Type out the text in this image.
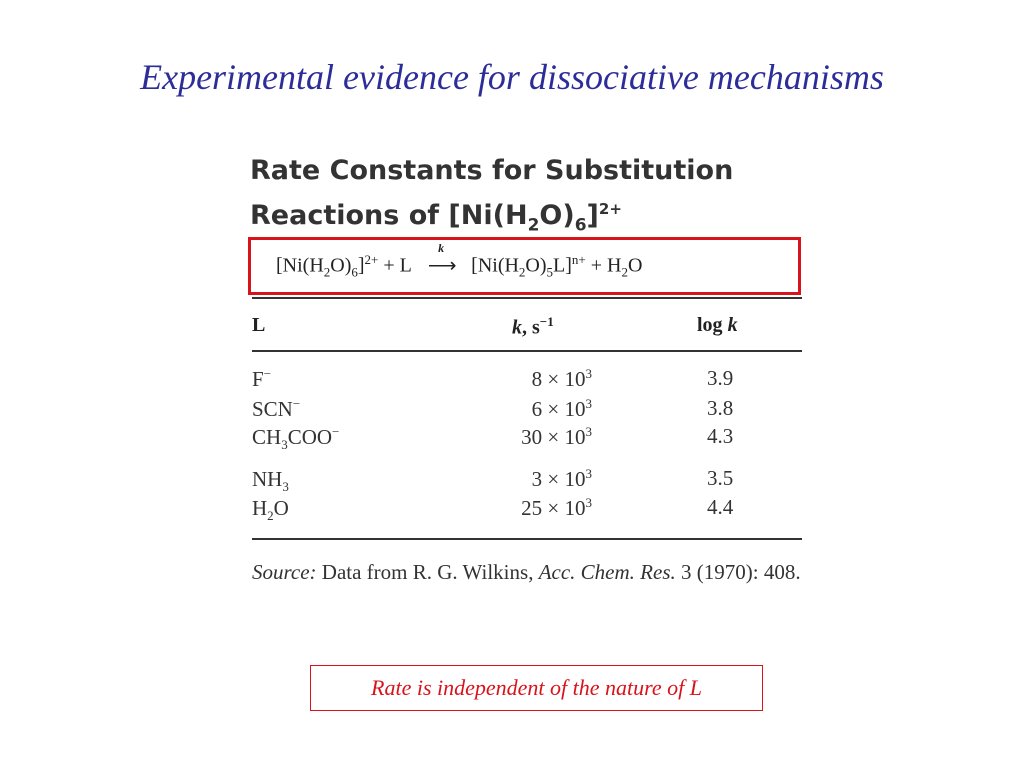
Experimental evidence for dissociative mechanisms
Rate Constants for Substitution
Reactions of $[Ni(H_2O)_6]^{2+}$
$[Ni(H_2O)_6]^{2+} + L$
k
⟶ $[Ni(H_2O)_5L]^{n+} + H_2O$
L	k, $s^{-1}$	log k
F−	$8 \times 10^3$	3.9
SCN−	$6 \times 10^3$	3.8
$CH_3COO^-$	$30 \times 10^3$	4.3
$NH_3$	$3 \times 10^3$	3.5
$H_2O$	$25 \times 10^3$	4.4
Source: Data from R. G. Wilkins, Acc. Chem. Res. 3 (1970): 408.
Rate is independent of the nature of L
